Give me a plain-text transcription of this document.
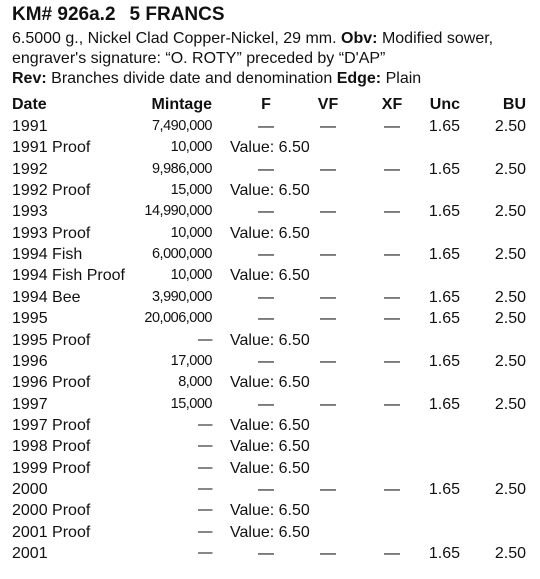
KM# 926a.2 5 FRANCS
6.5000 g., Nickel Clad Copper-Nickel, 29 mm. Obv: Modified sower, engraver's signature: “O. ROTY” preceded by “D'AP”
Rev: Branches divide date and denomination Edge: Plain
Date	Mintage	F	VF	XF Unc	BU
1991	7,490,000	—	—	— 1.65 2.50
1991 Proof	10,000 Value: 6.50
1992	9,986,000	—	—	— 1.65 2.50
1992 Proof	15,000 Value: 6.50
1993	14,990,000	—	—	— 1.65 2.50
1993 Proof	10,000 Value: 6.50
1994 Fish	6,000,000	—	—	— 1.65 2.50
1994 Fish Proof	10,000 Value: 6.50
1994 Bee	3,990,000	—	—	— 1.65 2.50
1995	20,006,000	—	—	— 1.65 2.50
1995 Proof	— Value: 6.50
1996	17,000	—	—	— 1.65 2.50
1996 Proof	8,000 Value: 6.50
1997	15,000	—	—	— 1.65 2.50
1997 Proof	— Value: 6.50
1998 Proof	— Value: 6.50
1999 Proof	— Value: 6.50
2000	—	—	—	— 1.65 2.50
2000 Proof	— Value: 6.50
2001 Proof	— Value: 6.50
2001	—	—	—	— 1.65 2.50
